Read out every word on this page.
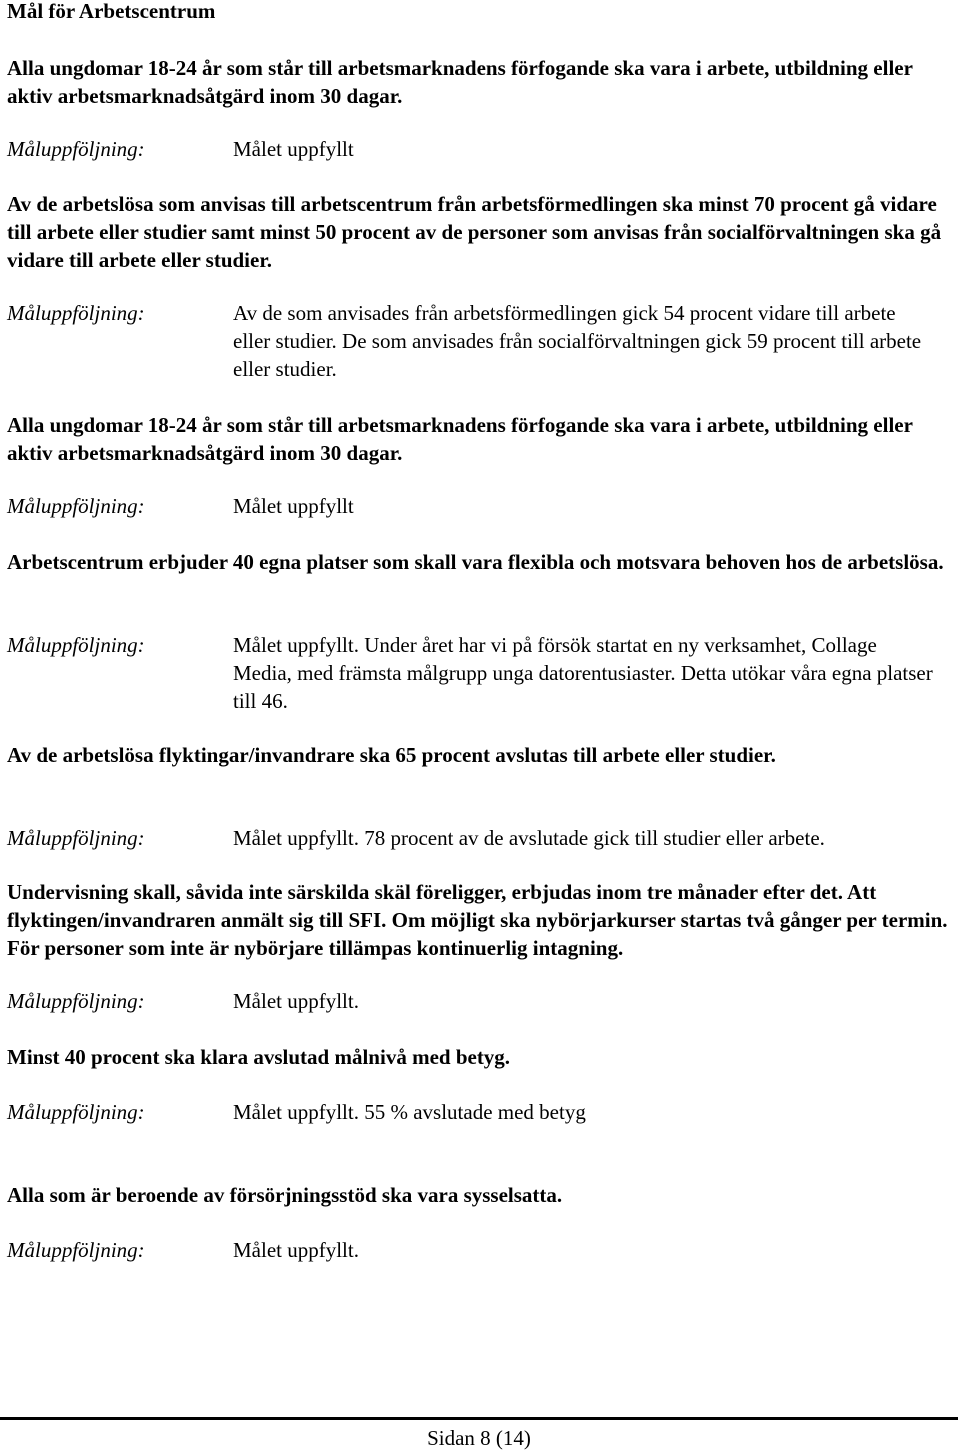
Mål för Arbetscentrum

Alla ungdomar 18-24 år som står till arbetsmarknadens förfogande ska vara i arbete, utbildning eller aktiv arbetsmarknadsåtgärd inom 30 dagar.

Måluppföljning:	Målet uppfyllt

Av de arbetslösa som anvisas till arbetscentrum från arbetsförmedlingen ska minst 70 procent gå vidare till arbete eller studier samt minst 50 procent av de personer som anvisas från socialförvaltningen ska gå vidare till arbete eller studier.

Måluppföljning:	Av de som anvisades från arbetsförmedlingen gick 54 procent vidare till arbete eller studier. De som anvisades från socialförvaltningen gick 59 procent till arbete eller studier.

Alla ungdomar 18-24 år som står till arbetsmarknadens förfogande ska vara i arbete, utbildning eller aktiv arbetsmarknadsåtgärd inom 30 dagar.

Måluppföljning:	Målet uppfyllt

Arbetscentrum erbjuder 40 egna platser som skall vara flexibla och motsvara behoven hos de arbetslösa.

Måluppföljning:	Målet uppfyllt. Under året har vi på försök startat en ny verksamhet, Collage Media, med främsta målgrupp unga datorentusiaster. Detta utökar våra egna platser till 46.

Av de arbetslösa flyktingar/invandrare ska 65 procent avslutas till arbete eller studier.

Måluppföljning:	Målet uppfyllt. 78 procent av de avslutade gick till studier eller arbete.

Undervisning skall, såvida inte särskilda skäl föreligger, erbjudas inom tre månader efter det. Att flyktingen/invandraren anmält sig till SFI. Om möjligt ska nybörjarkurser startas två gånger per termin. För personer som inte är nybörjare tillämpas kontinuerlig intagning.

Måluppföljning:	Målet uppfyllt.

Minst 40 procent ska klara avslutad målnivå med betyg.

Måluppföljning:	Målet uppfyllt. 55 % avslutade med betyg

Alla som är beroende av försörjningsstöd ska vara sysselsatta.

Måluppföljning:	Målet uppfyllt.
Sidan 8 (14)
